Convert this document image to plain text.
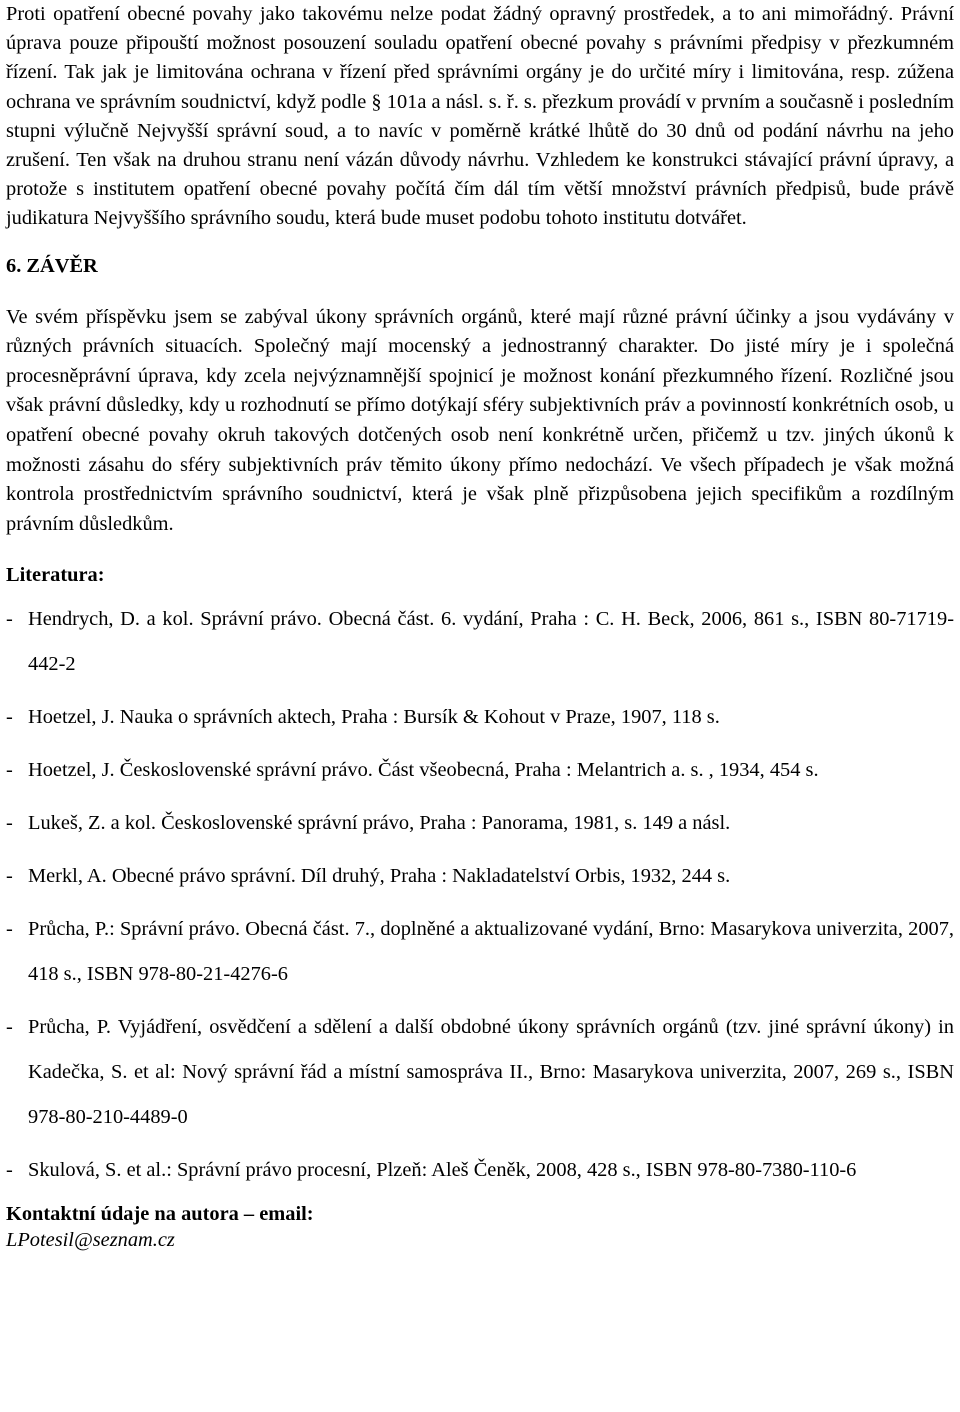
Proti opatření obecné povahy jako takovému nelze podat žádný opravný prostředek, a to ani mimořádný. Právní úprava pouze připouští možnost posouzení souladu opatření obecné povahy s právními předpisy v přezkumném řízení. Tak jak je limitována ochrana v řízení před správními orgány je do určité míry i limitována, resp. zúžena ochrana ve správním soudnictví, když podle § 101a a násl. s. ř. s. přezkum provádí v prvním a současně i posledním stupni výlučně Nejvyšší správní soud, a to navíc v poměrně krátké lhůtě do 30 dnů od podání návrhu na jeho zrušení. Ten však na druhou stranu není vázán důvody návrhu. Vzhledem ke konstrukci stávající právní úpravy, a protože s institutem opatření obecné povahy počítá čím dál tím větší množství právních předpisů, bude právě judikatura Nejvyššího správního soudu, která bude muset podobu tohoto institutu dotvářet.

6. ZÁVĚR

Ve svém příspěvku jsem se zabýval úkony správních orgánů, které mají různé právní účinky a jsou vydávány v různých právních situacích. Společný mají mocenský a jednostranný charakter. Do jisté míry je i společná procesněprávní úprava, kdy zcela nejvýznamnější spojnicí je možnost konání přezkumného řízení. Rozličné jsou však právní důsledky, kdy u rozhodnutí se přímo dotýkají sféry subjektivních práv a povinností konkrétních osob, u opatření obecné povahy okruh takových dotčených osob není konkrétně určen, přičemž u tzv. jiných úkonů k možnosti zásahu do sféry subjektivních práv těmito úkony přímo nedochází. Ve všech případech je však možná kontrola prostřednictvím správního soudnictví, která je však plně přizpůsobena jejich specifikům a rozdílným právním důsledkům.

Literatura:
- Hendrych, D. a kol. Správní právo. Obecná část. 6. vydání, Praha : C. H. Beck, 2006, 861 s., ISBN 80-71719-442-2
- Hoetzel, J. Nauka o správních aktech, Praha : Bursík & Kohout v Praze, 1907, 118 s.
- Hoetzel, J. Československé správní právo. Část všeobecná, Praha : Melantrich a. s. , 1934, 454 s.
- Lukeš, Z. a kol. Československé správní právo, Praha : Panorama, 1981, s. 149 a násl.
- Merkl, A. Obecné právo správní. Díl druhý, Praha : Nakladatelství Orbis, 1932, 244 s.
- Průcha, P.: Správní právo. Obecná část. 7., doplněné a aktualizované vydání, Brno: Masarykova univerzita, 2007, 418 s., ISBN 978-80-21-4276-6
- Průcha, P. Vyjádření, osvědčení a sdělení a další obdobné úkony správních orgánů (tzv. jiné správní úkony) in Kadečka, S. et al: Nový správní řád a místní samospráva II., Brno: Masarykova univerzita, 2007, 269 s., ISBN 978-80-210-4489-0
- Skulová, S. et al.: Správní právo procesní, Plzeň: Aleš Čeněk, 2008, 428 s., ISBN 978-80-7380-110-6
Kontaktní údaje na autora – email:

LPotesil@seznam.cz
